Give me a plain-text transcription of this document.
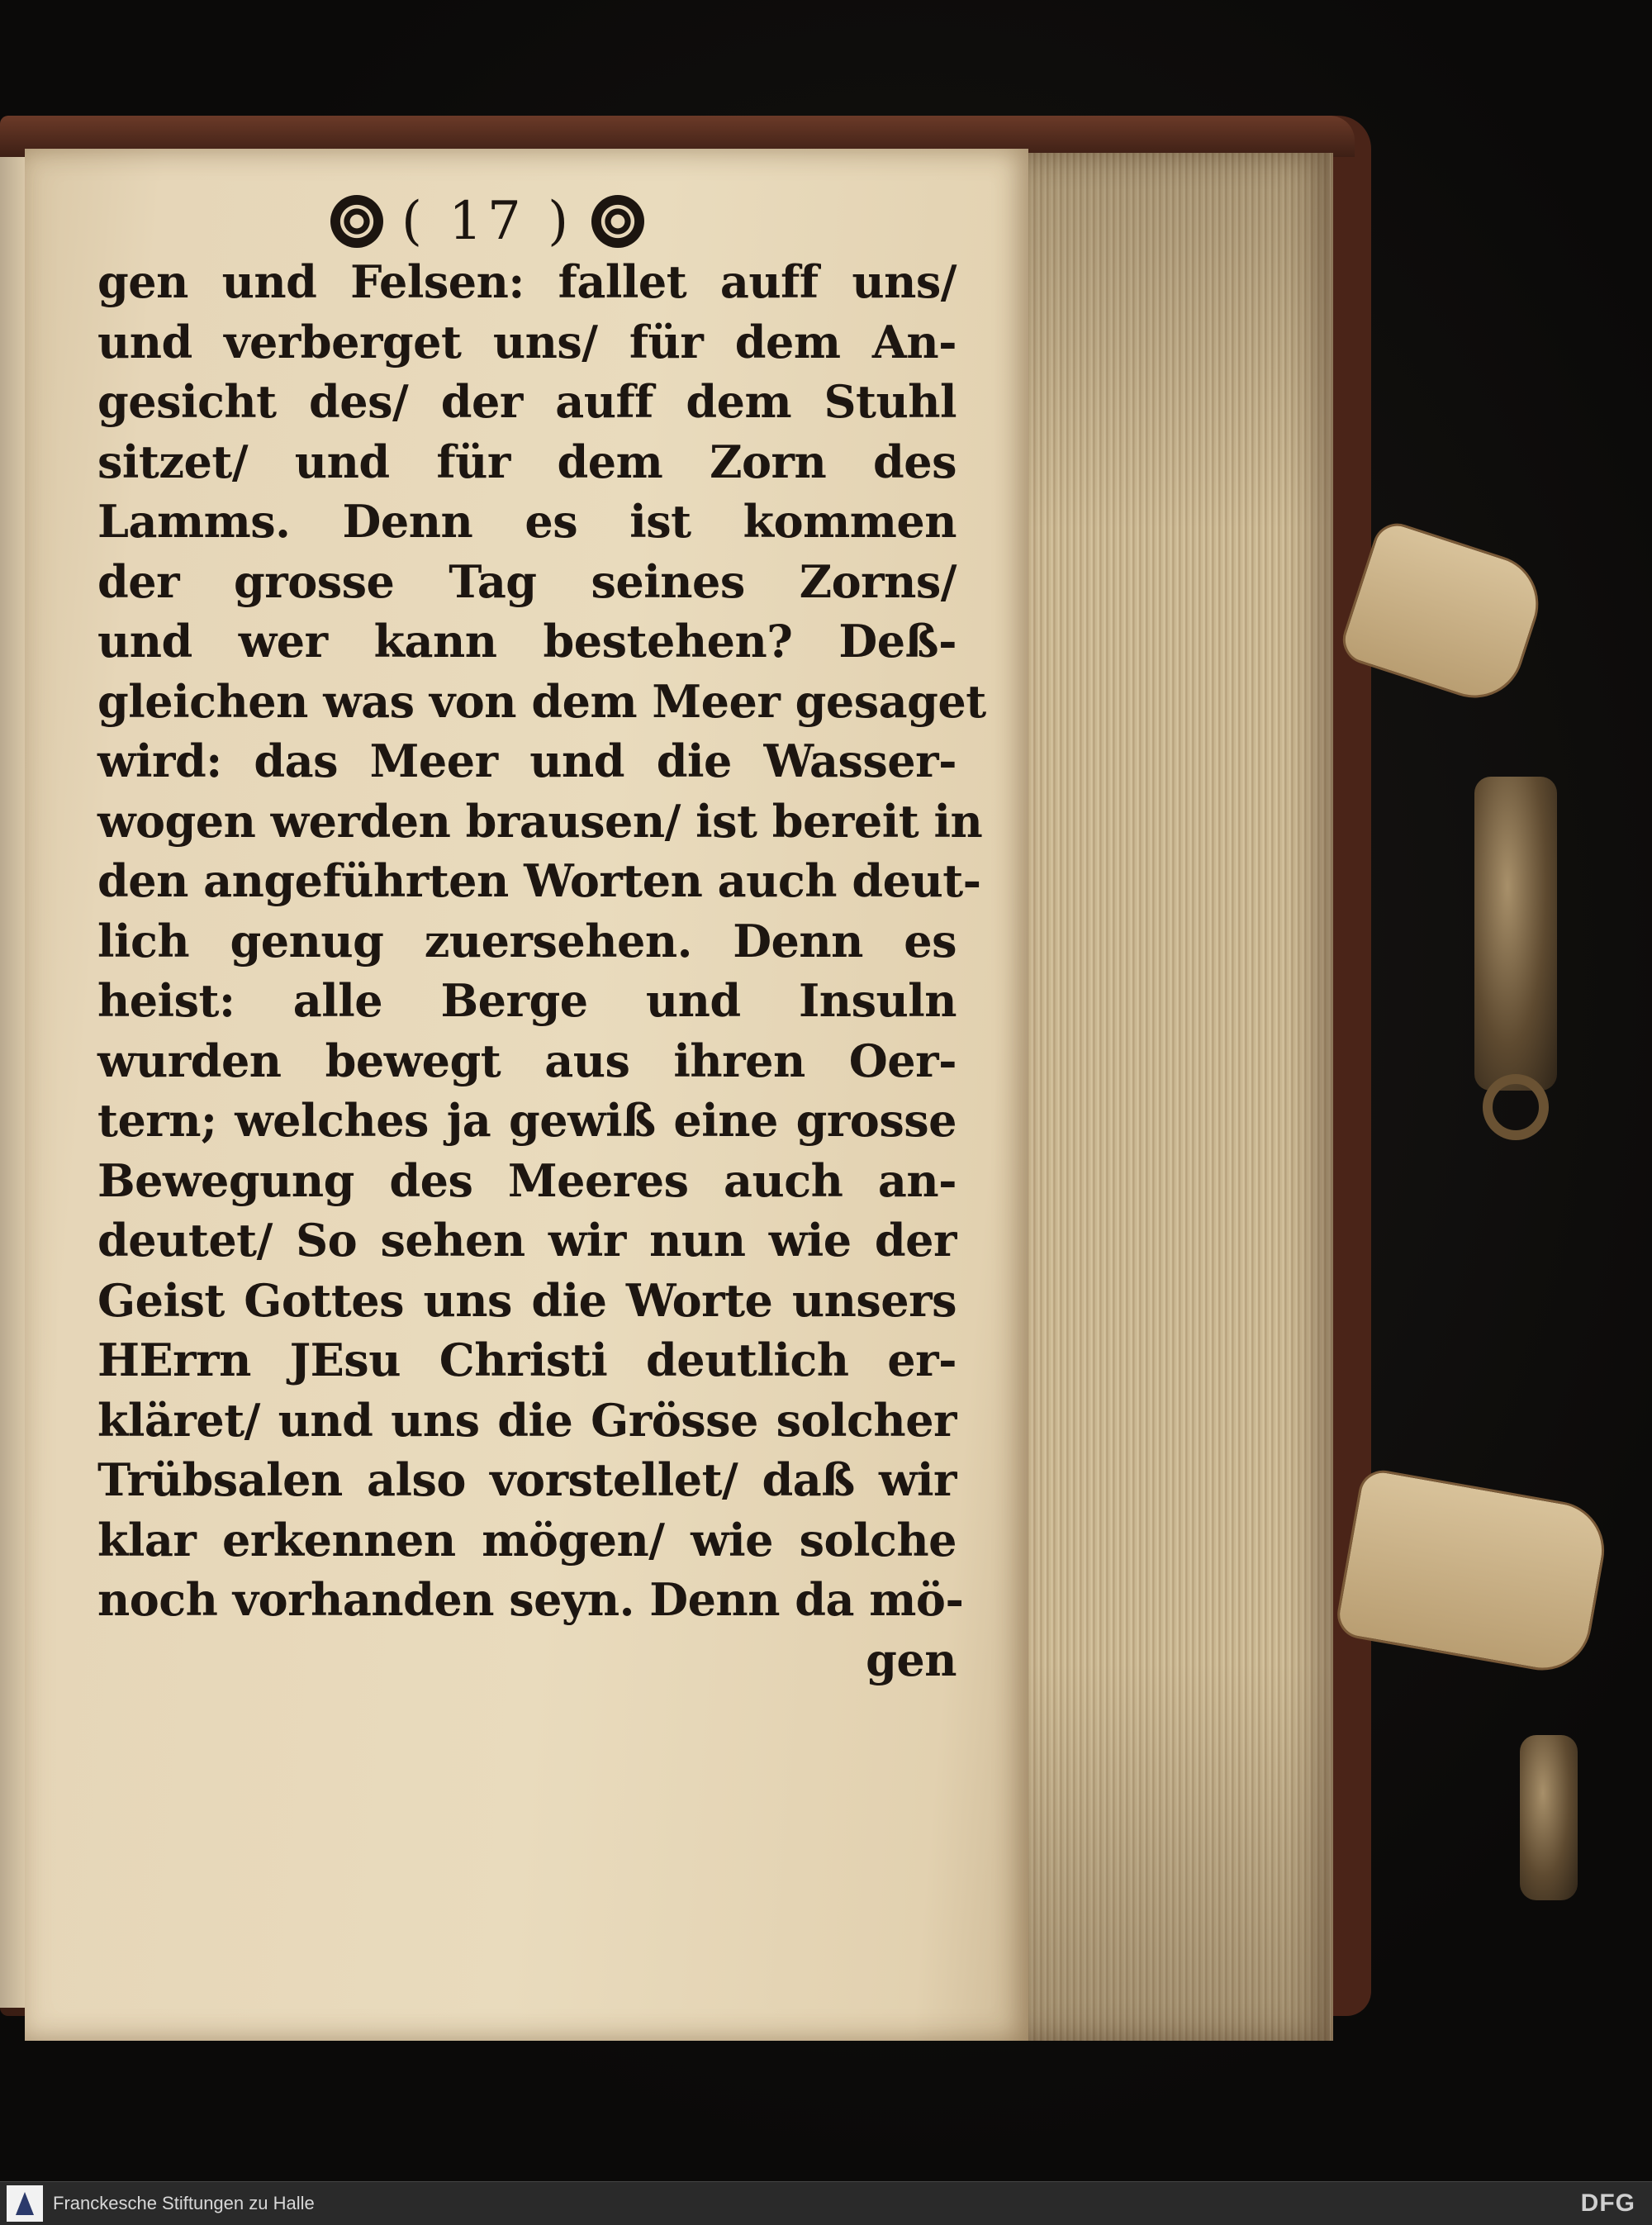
( 17 )
gen und Felsen: fallet auff uns/
und verberget uns/ für dem An-
gesicht des/ der auff dem Stuhl
sitzet/ und für dem Zorn des
Lamms. Denn es ist kommen
der grosse Tag seines Zorns/
und wer kann bestehen? Deß-
gleichen was von dem Meer gesaget
wird: das Meer und die Wasser-
wogen werden brausen/ ist bereit in
den angeführten Worten auch deut-
lich genug zuersehen. Denn es
heist: alle Berge und Insuln
wurden bewegt aus ihren Oer-
tern; welches ja gewiß eine grosse
Bewegung des Meeres auch an-
deutet/ So sehen wir nun wie der
Geist Gottes uns die Worte unsers
HErrn JEsu Christi deutlich er-
kläret/ und uns die Grösse solcher
Trübsalen also vorstellet/ daß wir
klar erkennen mögen/ wie solche
noch vorhanden seyn. Denn da mö-
gen
Franckesche Stiftungen zu Halle	DFG
